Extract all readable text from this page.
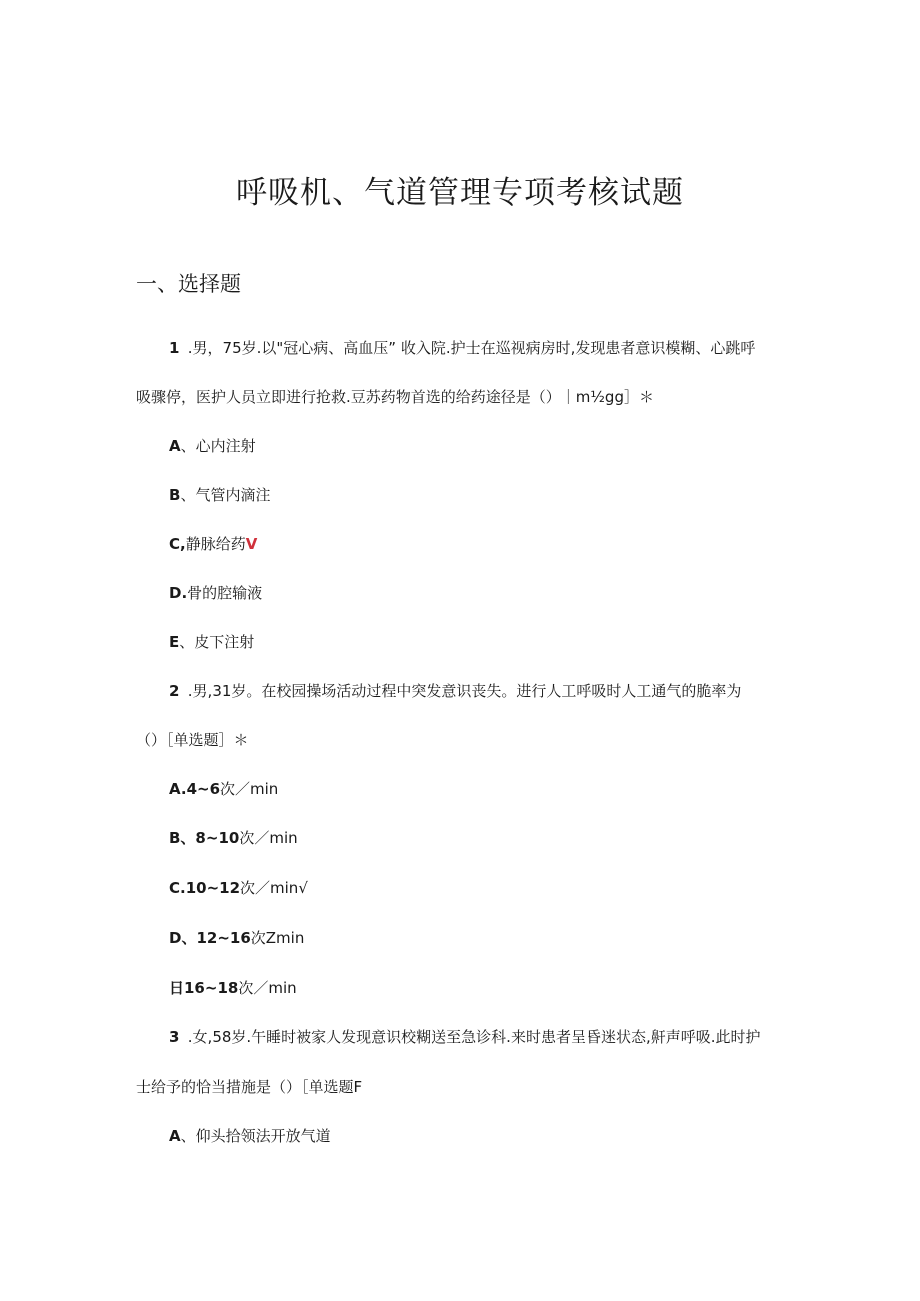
呼吸机、气道管理专项考核试题
一、选择题
1 .男，75岁.以"冠心病、高血压” 收入院.护士在巡视病房时,发现患者意识模糊、心跳呼
吸骤停，医护人员立即进行抢救.豆苏药物首选的给药途径是（）｜m½gg］＊
A、心内注射
B、气管内滴注
C,静脉给药V
D.骨的腔输液
E、皮下注射
2 .男,31岁。在校园操场活动过程中突发意识丧失。进行人工呼吸时人工通气的脆率为
（）［单选题］＊
A.4~6次／min
B、8~10次／min
C.10~12次／min√
D、12~16次Zmin
日16~18次／min
3 .女,58岁.午睡时被家人发现意识校糊送至急诊科.来时患者呈昏迷状态,鼾声呼吸.此时护
士给予的恰当措施是（）［单选题F
A、仰头拾领法开放气道
